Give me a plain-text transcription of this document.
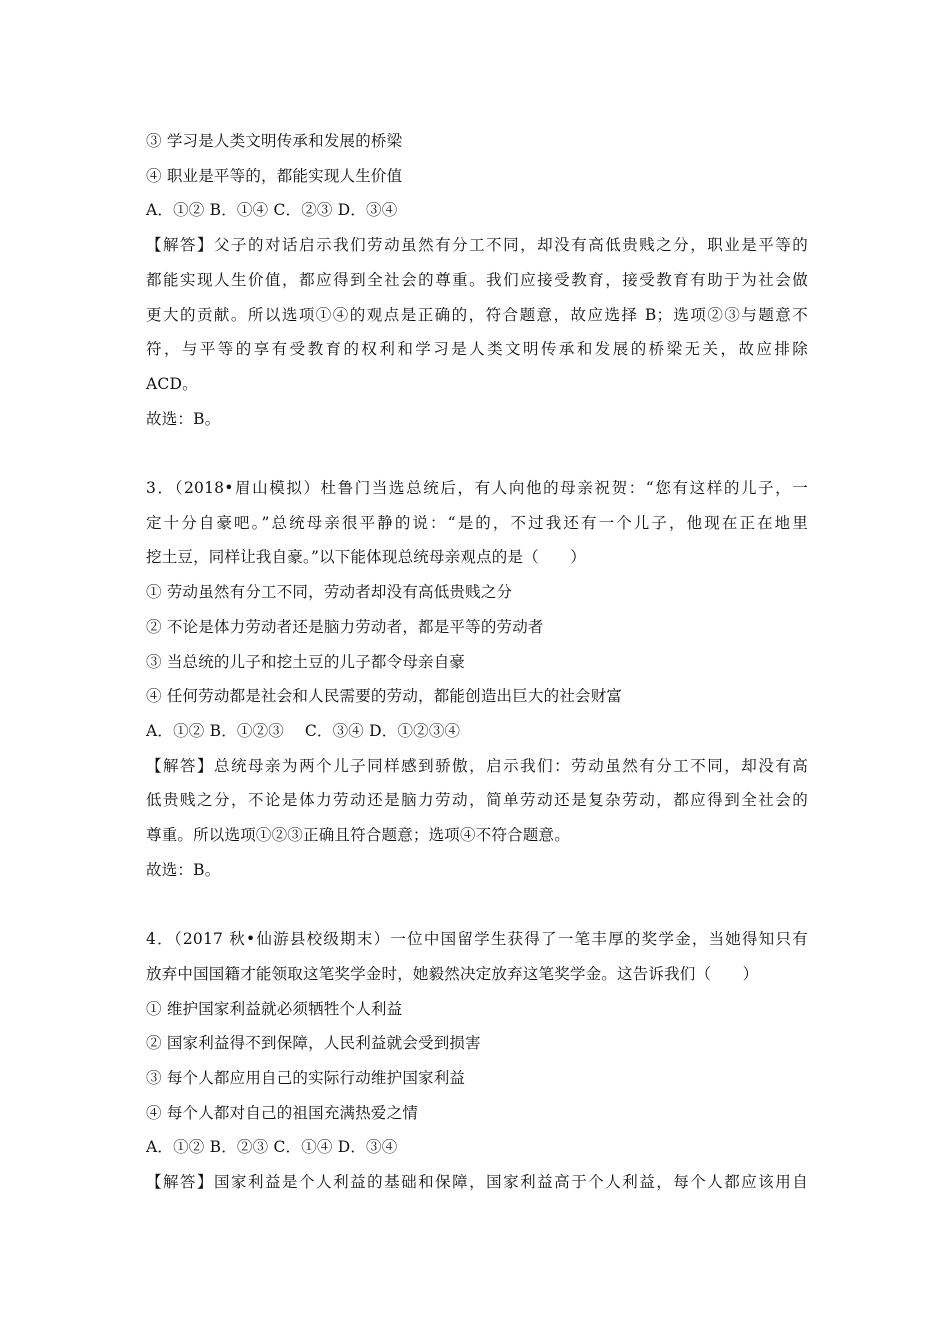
③ 学习是人类文明传承和发展的桥梁
④ 职业是平等的，都能实现人生价值
A．①② B．①④ C．②③ D．③④
【解答】父子的对话启示我们劳动虽然有分工不同，却没有高低贵贱之分，职业是平等的
都能实现人生价值，都应得到全社会的尊重。我们应接受教育，接受教育有助于为社会做
更大的贡献。所以选项①④的观点是正确的，符合题意，故应选择 B；选项②③与题意不
符，与平等的享有受教育的权利和学习是人类文明传承和发展的桥梁无关，故应排除
ACD。
故选：B。
3．（2018•眉山模拟）杜鲁门当选总统后，有人向他的母亲祝贺：“您有这样的儿子，一
定十分自豪吧。”总统母亲很平静的说：“是的，不过我还有一个儿子，他现在正在地里
挖土豆，同样让我自豪。”以下能体现总统母亲观点的是（　　）
① 劳动虽然有分工不同，劳动者却没有高低贵贱之分
② 不论是体力劳动者还是脑力劳动者，都是平等的劳动者
③ 当总统的儿子和挖土豆的儿子都令母亲自豪
④ 任何劳动都是社会和人民需要的劳动，都能创造出巨大的社会财富
A．①② B．①②③　 C．③④ D．①②③④
【解答】总统母亲为两个儿子同样感到骄傲，启示我们：劳动虽然有分工不同，却没有高
低贵贱之分，不论是体力劳动还是脑力劳动，简单劳动还是复杂劳动，都应得到全社会的
尊重。所以选项①②③正确且符合题意；选项④不符合题意。
故选：B。
4．（2017 秋•仙游县校级期末）一位中国留学生获得了一笔丰厚的奖学金，当她得知只有
放弃中国国籍才能领取这笔奖学金时，她毅然决定放弃这笔奖学金。这告诉我们（　　）
① 维护国家利益就必须牺牲个人利益
② 国家利益得不到保障，人民利益就会受到损害
③ 每个人都应用自己的实际行动维护国家利益
④ 每个人都对自己的祖国充满热爱之情
A．①② B．②③ C．①④ D．③④
【解答】国家利益是个人利益的基础和保障，国家利益高于个人利益，每个人都应该用自
